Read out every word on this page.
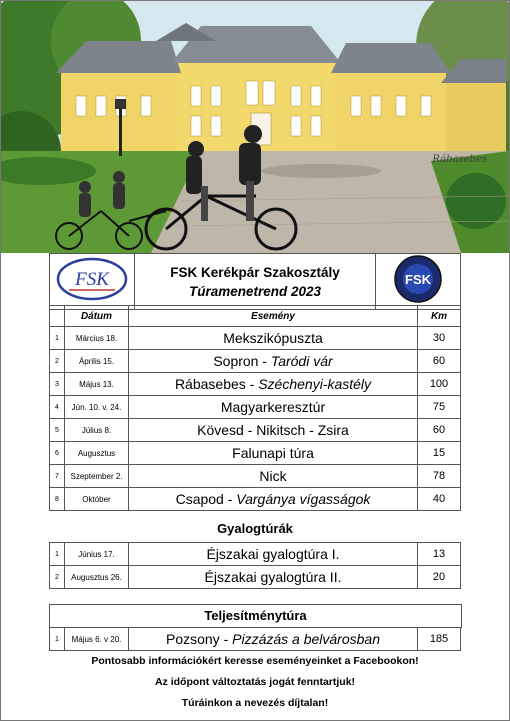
Rábasebes
FSK	FSK Kerékpár Szakosztály
Túramenetrend 2023

FSK
	Dátum	Esemény	Km
1	Március 18.	Mekszikópuszta	30
2	Április 15.	Sopron - Taródi vár	60
3	Május 13.	Rábasebes - Széchenyi-kastély	100
4	Jún. 10. v. 24.	Magyarkeresztúr	75
5	Július 8.	Kövesd - Nikitsch - Zsira	60
6	Augusztus	Falunapi túra	15
7	Szeptember 2.	Nick	78
8	Október	Csapod - Vargánya vígasságok	40
Gyalogtúrák
1	Június 17.	Éjszakai gyalogtúra I.	13
2	Augusztus 26.	Éjszakai gyalogtúra II.	20
Teljesítménytúra
1	Május 6. v 20.	Pozsony - Pizzázás a belvárosban	185
Pontosabb információkért keresse eseményeinket a Facebookon!
Az időpont változtatás jogát fenntartjuk!
Túráinkon a nevezés díjtalan!
